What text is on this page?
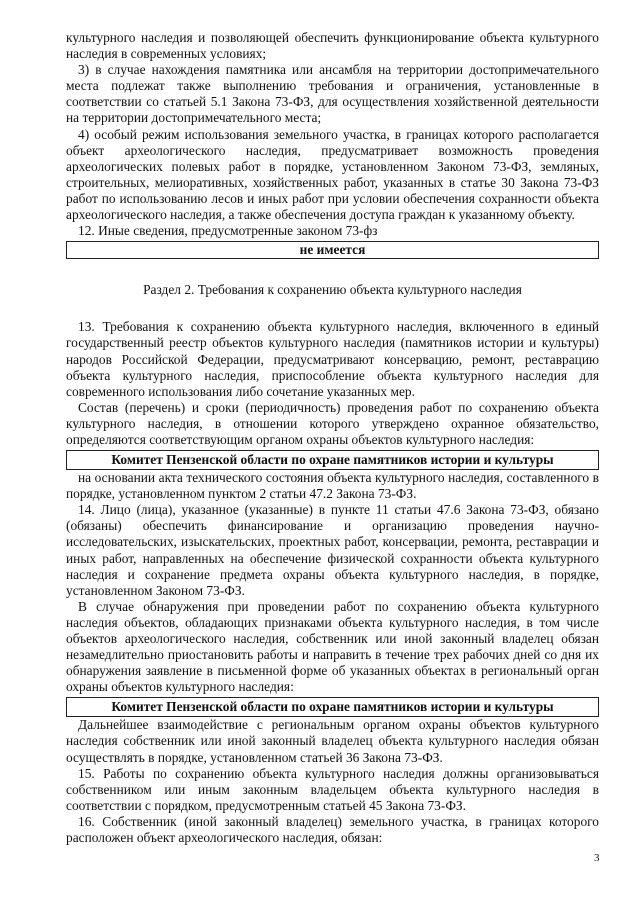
культурного наследия и позволяющей обеспечить функционирование объекта культурного наследия в современных условиях;

3) в случае нахождения памятника или ансамбля на территории достопримечательного места подлежат также выполнению требования и ограничения, установленные в соответствии со статьей 5.1 Закона 73-ФЗ, для осуществления хозяйственной деятельности на территории достопримечательного места;

4) особый режим использования земельного участка, в границах которого располагается объект археологического наследия, предусматривает возможность проведения археологических полевых работ в порядке, установленном Законом 73-ФЗ, земляных, строительных, мелиоративных, хозяйственных работ, указанных в статье 30 Закона 73-ФЗ работ по использованию лесов и иных работ при условии обеспечения сохранности объекта археологического наследия, а также обеспечения доступа граждан к указанному объекту.

12. Иные сведения, предусмотренные законом 73-фз

не имеется
Раздел 2. Требования к сохранению объекта культурного наследия

13. Требования к сохранению объекта культурного наследия, включенного в единый государственный реестр объектов культурного наследия (памятников истории и культуры) народов Российской Федерации, предусматривают консервацию, ремонт, реставрацию объекта культурного наследия, приспособление объекта культурного наследия для современного использования либо сочетание указанных мер.

Состав (перечень) и сроки (периодичность) проведения работ по сохранению объекта культурного наследия, в отношении которого утверждено охранное обязательство, определяются соответствующим органом охраны объектов культурного наследия:

Комитет Пензенской области по охране памятников истории и культуры

на основании акта технического состояния объекта культурного наследия, составленного в порядке, установленном пунктом 2 статьи 47.2 Закона 73-ФЗ.

14. Лицо (лица), указанное (указанные) в пункте 11 статьи 47.6 Закона 73-ФЗ, обязано (обязаны) обеспечить финансирование и организацию проведения научно-исследовательских, изыскательских, проектных работ, консервации, ремонта, реставрации и иных работ, направленных на обеспечение физической сохранности объекта культурного наследия и сохранение предмета охраны объекта культурного наследия, в порядке, установленном Законом 73-ФЗ.

В случае обнаружения при проведении работ по сохранению объекта культурного наследия объектов, обладающих признаками объекта культурного наследия, в том числе объектов археологического наследия, собственник или иной законный владелец обязан незамедлительно приостановить работы и направить в течение трех рабочих дней со дня их обнаружения заявление в письменной форме об указанных объектах в региональный орган охраны объектов культурного наследия:

Комитет Пензенской области по охране памятников истории и культуры

Дальнейшее взаимодействие с региональным органом охраны объектов культурного наследия собственник или иной законный владелец объекта культурного наследия обязан осуществлять в порядке, установленном статьей 36 Закона 73-ФЗ.

15. Работы по сохранению объекта культурного наследия должны организовываться собственником или иным законным владельцем объекта культурного наследия в соответствии с порядком, предусмотренным статьей 45 Закона 73-ФЗ.

16. Собственник (иной законный владелец) земельного участка, в границах которого расположен объект археологического наследия, обязан:

3
